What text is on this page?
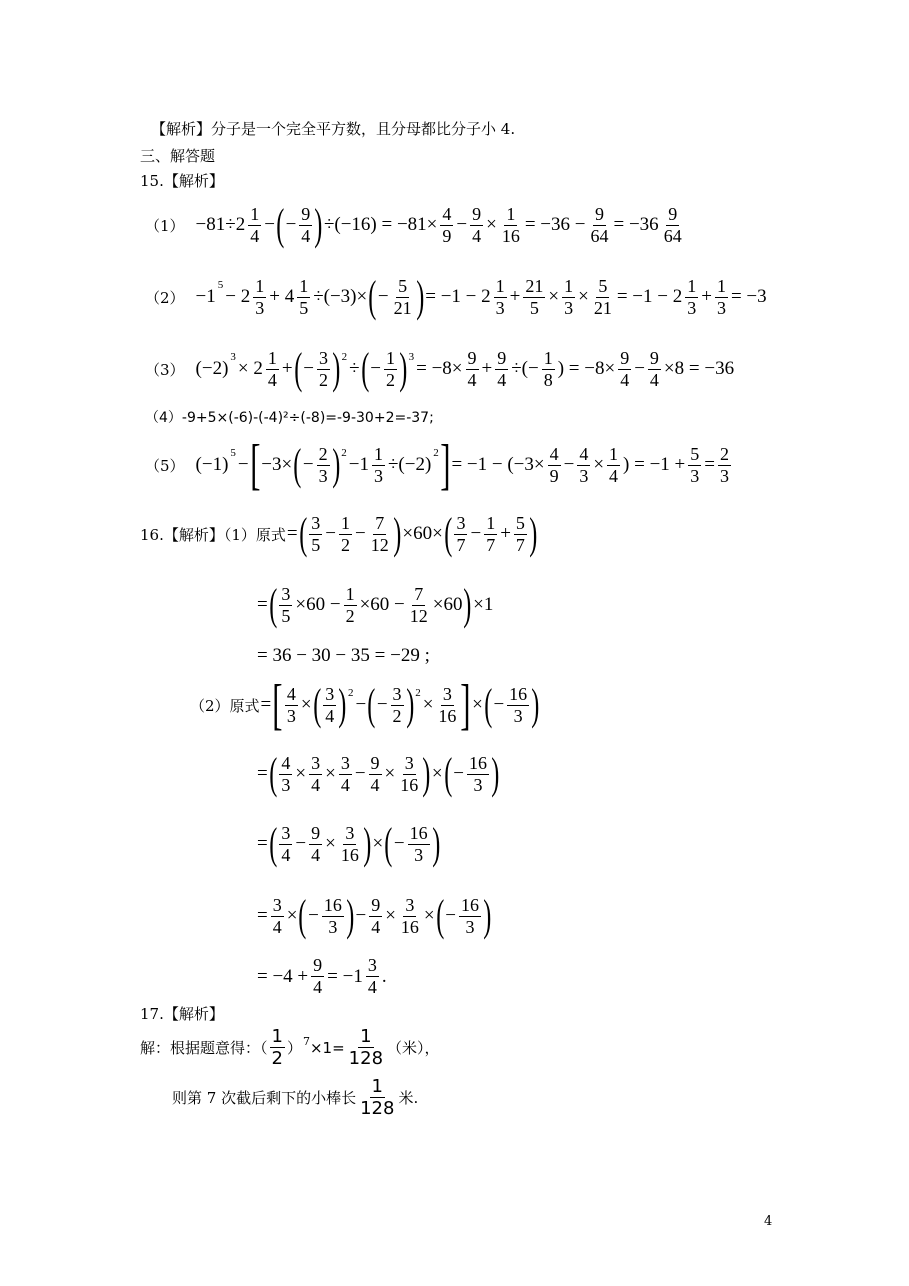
【解析】分子是一个完全平方数，且分母都比分子小 4.
三、解答题
15.【解析】
（1） −81÷2
1
4
− ( − $\frac{9}{4}$ ) $\div(-16) = -81\times \frac{4}{9} - \frac{9}{4} \times \frac{1}{16} = -36 - \frac{9}{64} = -36$
9
64
（2） −1
5
− 2
1
3
+ $4 \frac{1}{5} \div(-3)\times$ ( − $\frac{5}{21}$ ) = −1 − 2
1
3
+ $\frac{21}{5} \times \frac{1}{3} \times \frac{5}{21} = -1 - 2$
1
3
+ $\frac{1}{3} = -3$
（3） (−2)
3
× 2
1
4
+ ( − $\frac{3}{2}$ ) 2
÷ ( − $\frac{1}{2}$ ) 3
= $-8\times \frac{9}{4} + \frac{9}{4}$ ÷(− $\frac{1}{8}$ ) = $-8\times \frac{9}{4} - \frac{9}{4} \times 8 = -36$
（4）-9+5×(-6)-(-4)²÷(-8)=-9-30+2=-37;
（5） (−1)
5
− [ −3× ( − $\frac{2}{3}$ ) 2
$-1 \frac{1}{3} \div(-2)$
2 ] = $-1 - (-3\times \frac{4}{9} - \frac{4}{3} \times \frac{1}{4}$ ) = $-1 + \frac{5}{3} = \frac{2}{3}$
16.【解析】（1）原式 = ( 3
5
− $\frac{1}{2} - \frac{7}{12}$ ) ×60× ( 3
7
− $\frac{1}{7} + \frac{5}{7}$ )
= ( $\frac{3}{5} \times 60 - \frac{1}{2} \times 60 - \frac{7}{12} \times 60$ ) ×1
= 36 − 30 − 35 = −29 ;
（2）原式 = [ $\frac{4}{3}$ × ( 3
4 ) 2
− ( − $\frac{3}{2}$ ) 2
× $\frac{3}{16}$ ] × ( − $\frac{16}{3}$ )
= ( $\frac{4}{3} \times \frac{3}{4} \times \frac{3}{4} - \frac{9}{4} \times \frac{3}{16}$ ) × ( − $\frac{16}{3}$ )
= ( 3
4
− $\frac{9}{4} \times \frac{3}{16}$ ) × ( − $\frac{16}{3}$ )
= $\frac{3}{4}$ × ( − $\frac{16}{3}$ ) − $\frac{9}{4} \times \frac{3}{16}$ × ( − $\frac{16}{3}$ )
= $-4 + \frac{9}{4} = -1$
3
4
.
17.【解析】
解：根据题意得：（
1
2 ） $7 \times 1= \frac{1}{128}$ （米），
则第 7 次截后剩下的小棒长
1
128 米.
4
